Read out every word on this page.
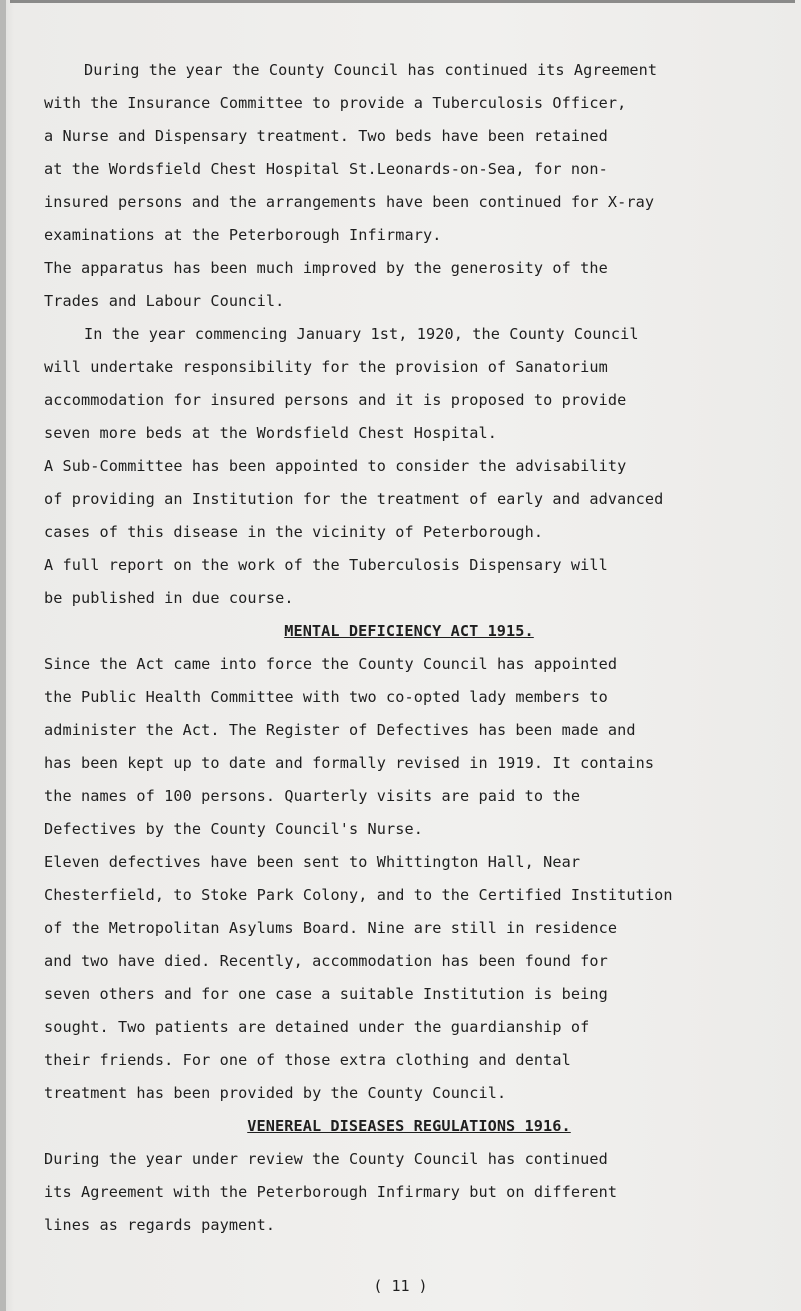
During the year the County Council has continued its Agreement
with the Insurance Committee to provide a Tuberculosis Officer,
a Nurse and Dispensary treatment. Two beds have been retained
at the Wordsfield Chest Hospital St.Leonards-on-Sea, for non-
insured persons and the arrangements have been continued for X-ray
examinations at the Peterborough Infirmary.
The apparatus has been much improved by the generosity of the
Trades and Labour Council.
In the year commencing January 1st, 1920, the County Council
will undertake responsibility for the provision of Sanatorium
accommodation for insured persons and it is proposed to provide
seven more beds at the Wordsfield Chest Hospital.
A Sub-Committee has been appointed to consider the advisability
of providing an Institution for the treatment of early and advanced
cases of this disease in the vicinity of Peterborough.
A full report on the work of the Tuberculosis Dispensary will
be published in due course.
MENTAL DEFICIENCY ACT 1915.
Since the Act came into force the County Council has appointed
the Public Health Committee with two co-opted lady members to
administer the Act. The Register of Defectives has been made and
has been kept up to date and formally revised in 1919. It contains
the names of 100 persons. Quarterly visits are paid to the
Defectives by the County Council's Nurse.
Eleven defectives have been sent to Whittington Hall, Near
Chesterfield, to Stoke Park Colony, and to the Certified Institution
of the Metropolitan Asylums Board. Nine are still in residence
and two have died. Recently, accommodation has been found for
seven others and for one case a suitable Institution is being
sought. Two patients are detained under the guardianship of
their friends. For one of those extra clothing and dental
treatment has been provided by the County Council.
VENEREAL DISEASES REGULATIONS 1916.
During the year under review the County Council has continued
its Agreement with the Peterborough Infirmary but on different
lines as regards payment.
( 11 )
